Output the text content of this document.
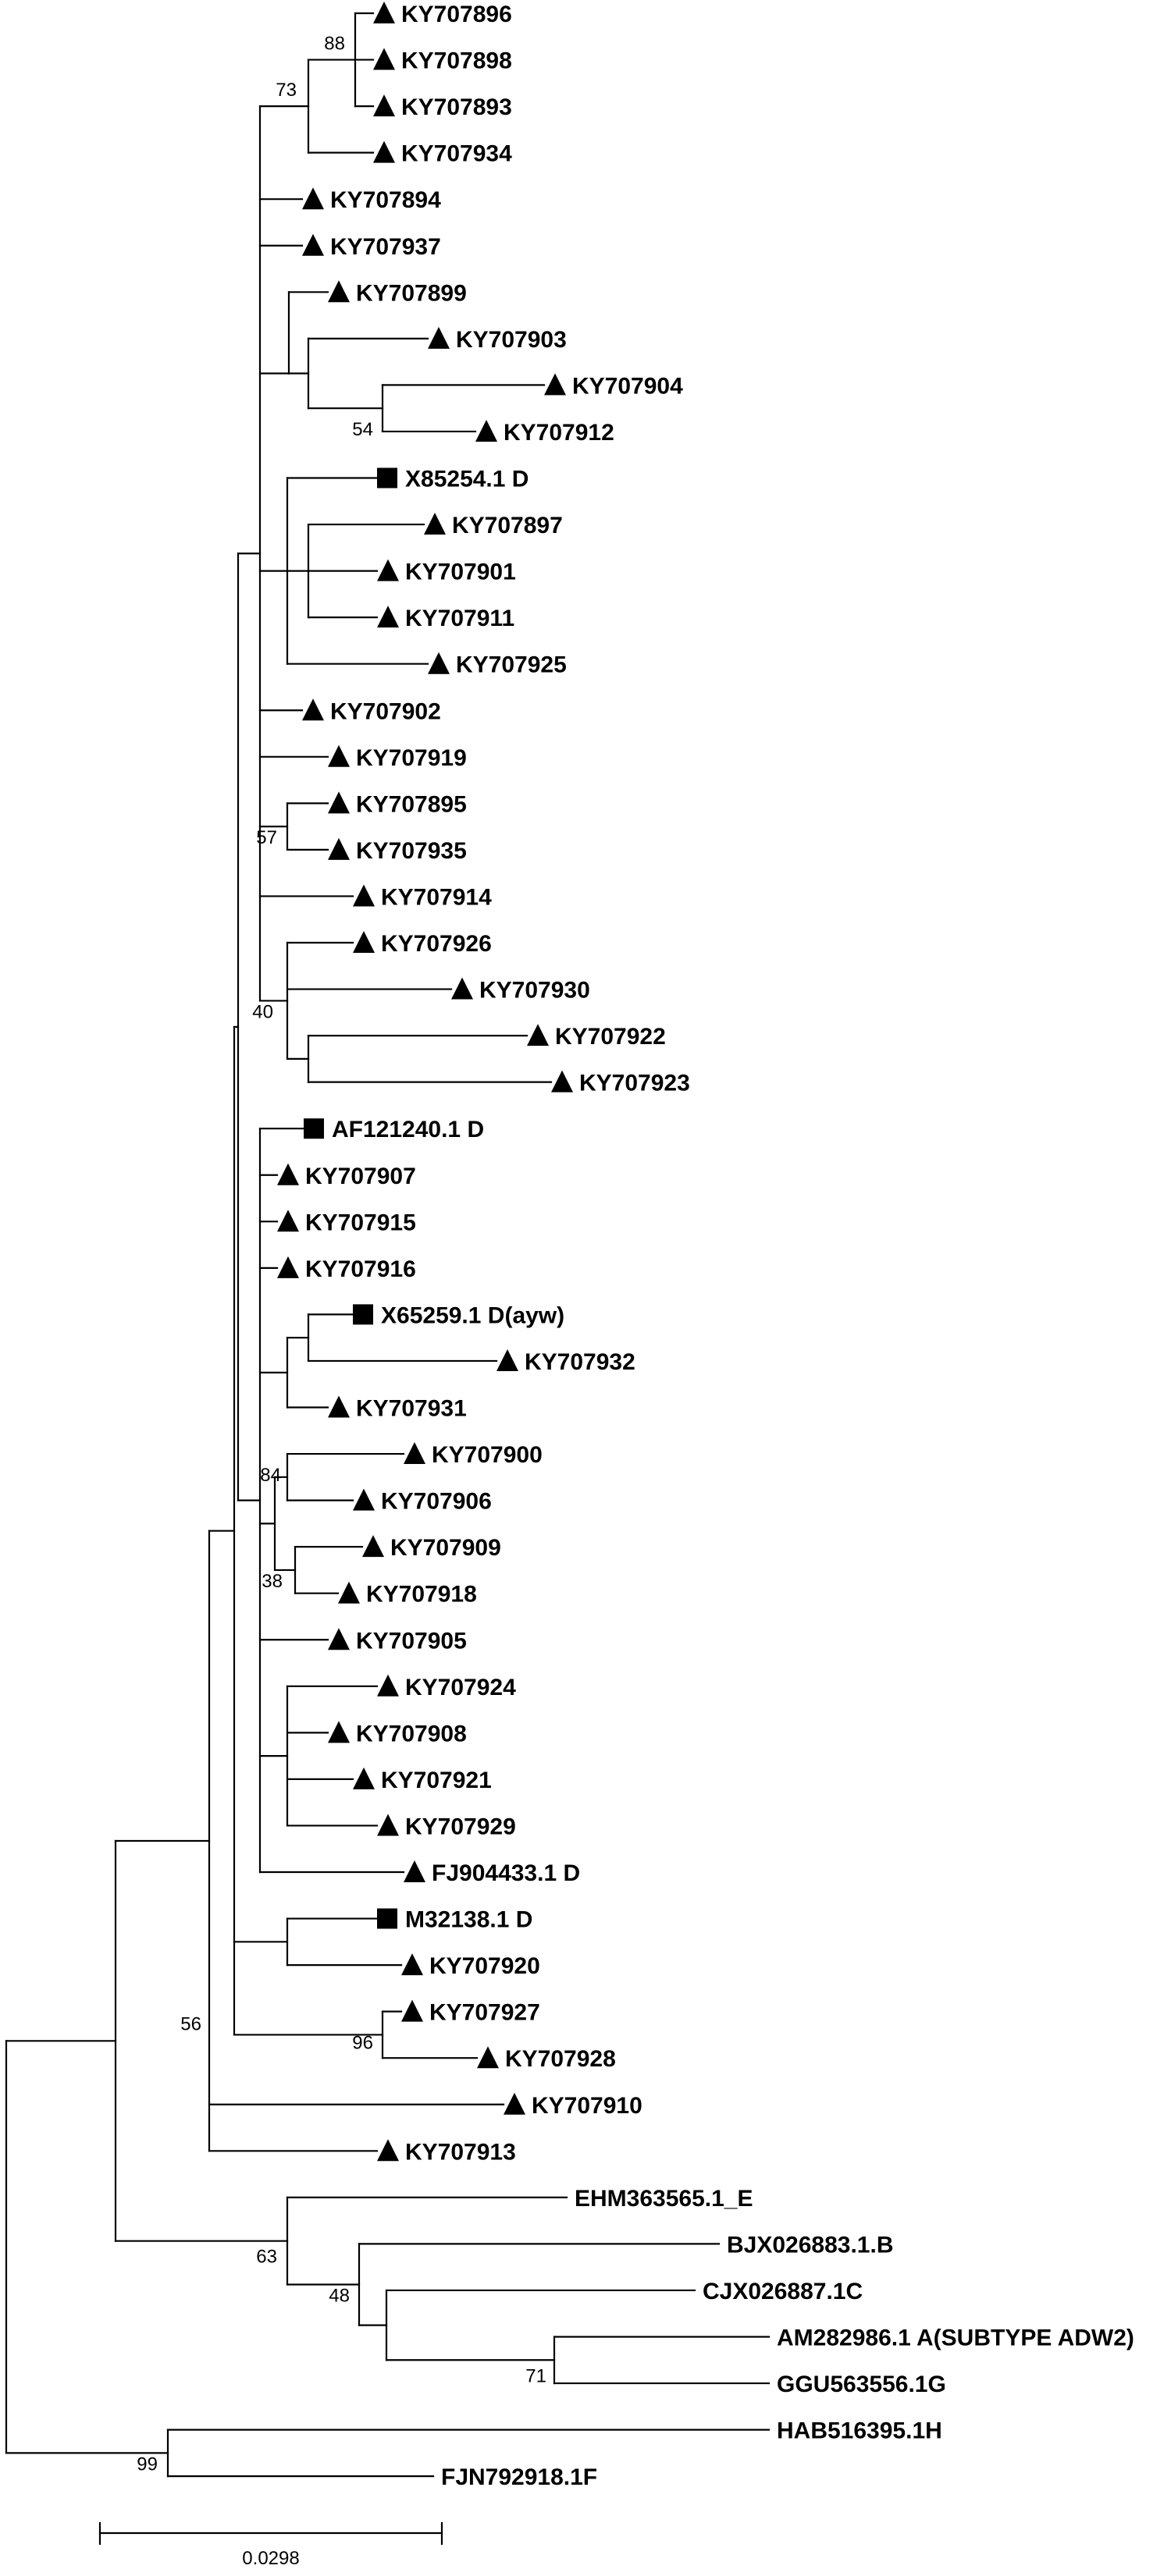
KY707896
KY707898
KY707893
KY707934
KY707894
KY707937
KY707899
KY707903
KY707904
KY707912
X85254.1 D
KY707897
KY707901
KY707911
KY707925
KY707902
KY707919
KY707895
KY707935
KY707914
KY707926
KY707930
KY707922
KY707923
AF121240.1 D
KY707907
KY707915
KY707916
X65259.1 D(ayw)
KY707932
KY707931
KY707900
KY707906
KY707909
KY707918
KY707905
KY707924
KY707908
KY707921
KY707929
FJ904433.1 D
M32138.1 D
KY707920
KY707927
KY707928
KY707910
KY707913
EHM363565.1_E
BJX026883.1.B
CJX026887.1C
AM282986.1 A(SUBTYPE ADW2)
GGU563556.1G
HAB516395.1H
FJN792918.1F
88
73
54
57
40
84
38
56
96
63
48
71
99
0.0298
